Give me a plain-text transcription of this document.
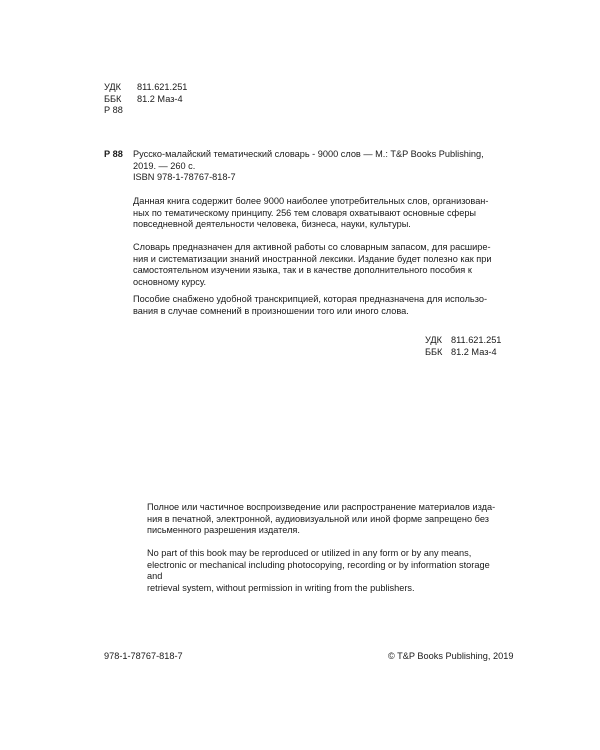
УДК	811.621.251
ББК	81.2 Маз-4
Р 88
Р 88 Русско-малайский тематический словарь - 9000 слов — М.: T&P Books Publishing,
2019. — 260 с.
ISBN 978-1-78767-818-7
Данная книга содержит более 9000 наиболее употребительных слов, организован-
ных по тематическому принципу. 256 тем словаря охватывают основные сферы
повседневной деятельности человека, бизнеса, науки, культуры.
Словарь предназначен для активной работы со словарным запасом, для расшире-
ния и систематизации знаний иностранной лексики. Издание будет полезно как при
самостоятельном изучении языка, так и в качестве дополнительного пособия к
основному курсу.
Пособие снабжено удобной транскрипцией, которая предназначена для использо-
вания в случае сомнений в произношении того или иного слова.
УДК 811.621.251
ББК 81.2 Маз-4
Полное или частичное воспроизведение или распространение материалов изда-
ния в печатной, электронной, аудиовизуальной или иной форме запрещено без
письменного разрешения издателя.
No part of this book may be reproduced or utilized in any form or by any means,
electronic or mechanical including photocopying, recording or by information storage and
retrieval system, without permission in writing from the publishers.
978-1-78767-818-7	© T&P Books Publishing, 2019
